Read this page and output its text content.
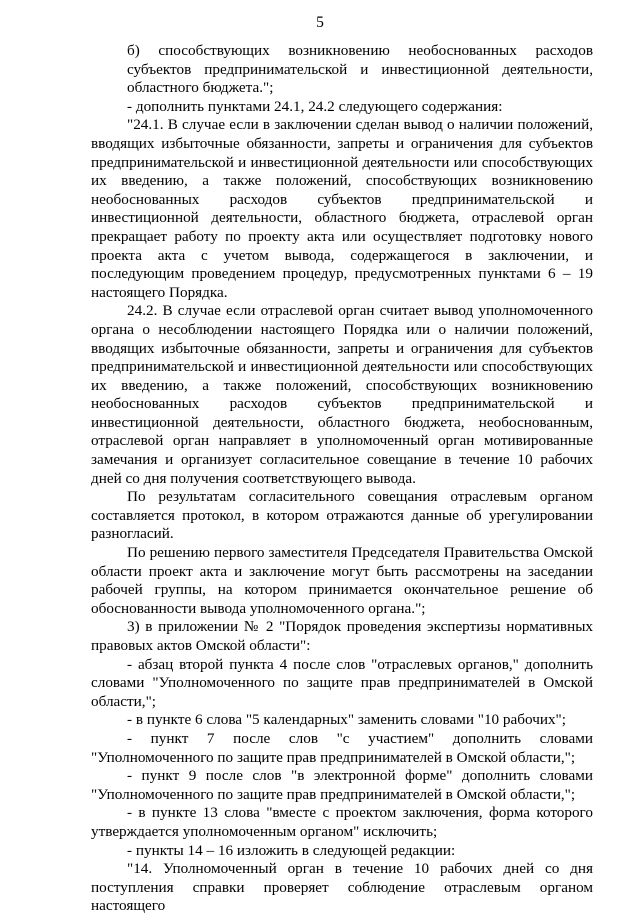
5

б) способствующих возникновению необоснованных расходов субъектов предпринимательской и инвестиционной деятельности, областного бюджета.";

- дополнить пунктами 24.1, 24.2 следующего содержания:

"24.1. В случае если в заключении сделан вывод о наличии положений, вводящих избыточные обязанности, запреты и ограничения для субъектов предпринимательской и инвестиционной деятельности или способствующих их введению, а также положений, способствующих возникновению необоснованных расходов субъектов предпринимательской и инвестиционной деятельности, областного бюджета, отраслевой орган прекращает работу по проекту акта или осуществляет подготовку нового проекта акта с учетом вывода, содержащегося в заключении, и последующим проведением процедур, предусмотренных пунктами 6 – 19 настоящего Порядка.

24.2. В случае если отраслевой орган считает вывод уполномоченного органа о несоблюдении настоящего Порядка или о наличии положений, вводящих избыточные обязанности, запреты и ограничения для субъектов предпринимательской и инвестиционной деятельности или способствующих их введению, а также положений, способствующих возникновению необоснованных расходов субъектов предпринимательской и инвестиционной деятельности, областного бюджета, необоснованным, отраслевой орган направляет в уполномоченный орган мотивированные замечания и организует согласительное совещание в течение 10 рабочих дней со дня получения соответствующего вывода.

По результатам согласительного совещания отраслевым органом составляется протокол, в котором отражаются данные об урегулировании разногласий.

По решению первого заместителя Председателя Правительства Омской области проект акта и заключение могут быть рассмотрены на заседании рабочей группы, на котором принимается окончательное решение об обоснованности вывода уполномоченного органа.";

3) в приложении № 2 "Порядок проведения экспертизы нормативных правовых актов Омской области":

- абзац второй пункта 4 после слов "отраслевых органов," дополнить словами "Уполномоченного по защите прав предпринимателей в Омской области,";

- в пункте 6 слова "5 календарных" заменить словами "10 рабочих";

- пункт 7 после слов "с участием" дополнить словами "Уполномоченного по защите прав предпринимателей в Омской области,";

- пункт 9 после слов "в электронной форме" дополнить словами "Уполномоченного по защите прав предпринимателей в Омской области,";

- в пункте 13 слова "вместе с проектом заключения, форма которого утверждается уполномоченным органом" исключить;

- пункты 14 – 16 изложить в следующей редакции:

"14. Уполномоченный орган в течение 10 рабочих дней со дня поступления справки проверяет соблюдение отраслевым органом настоящего
